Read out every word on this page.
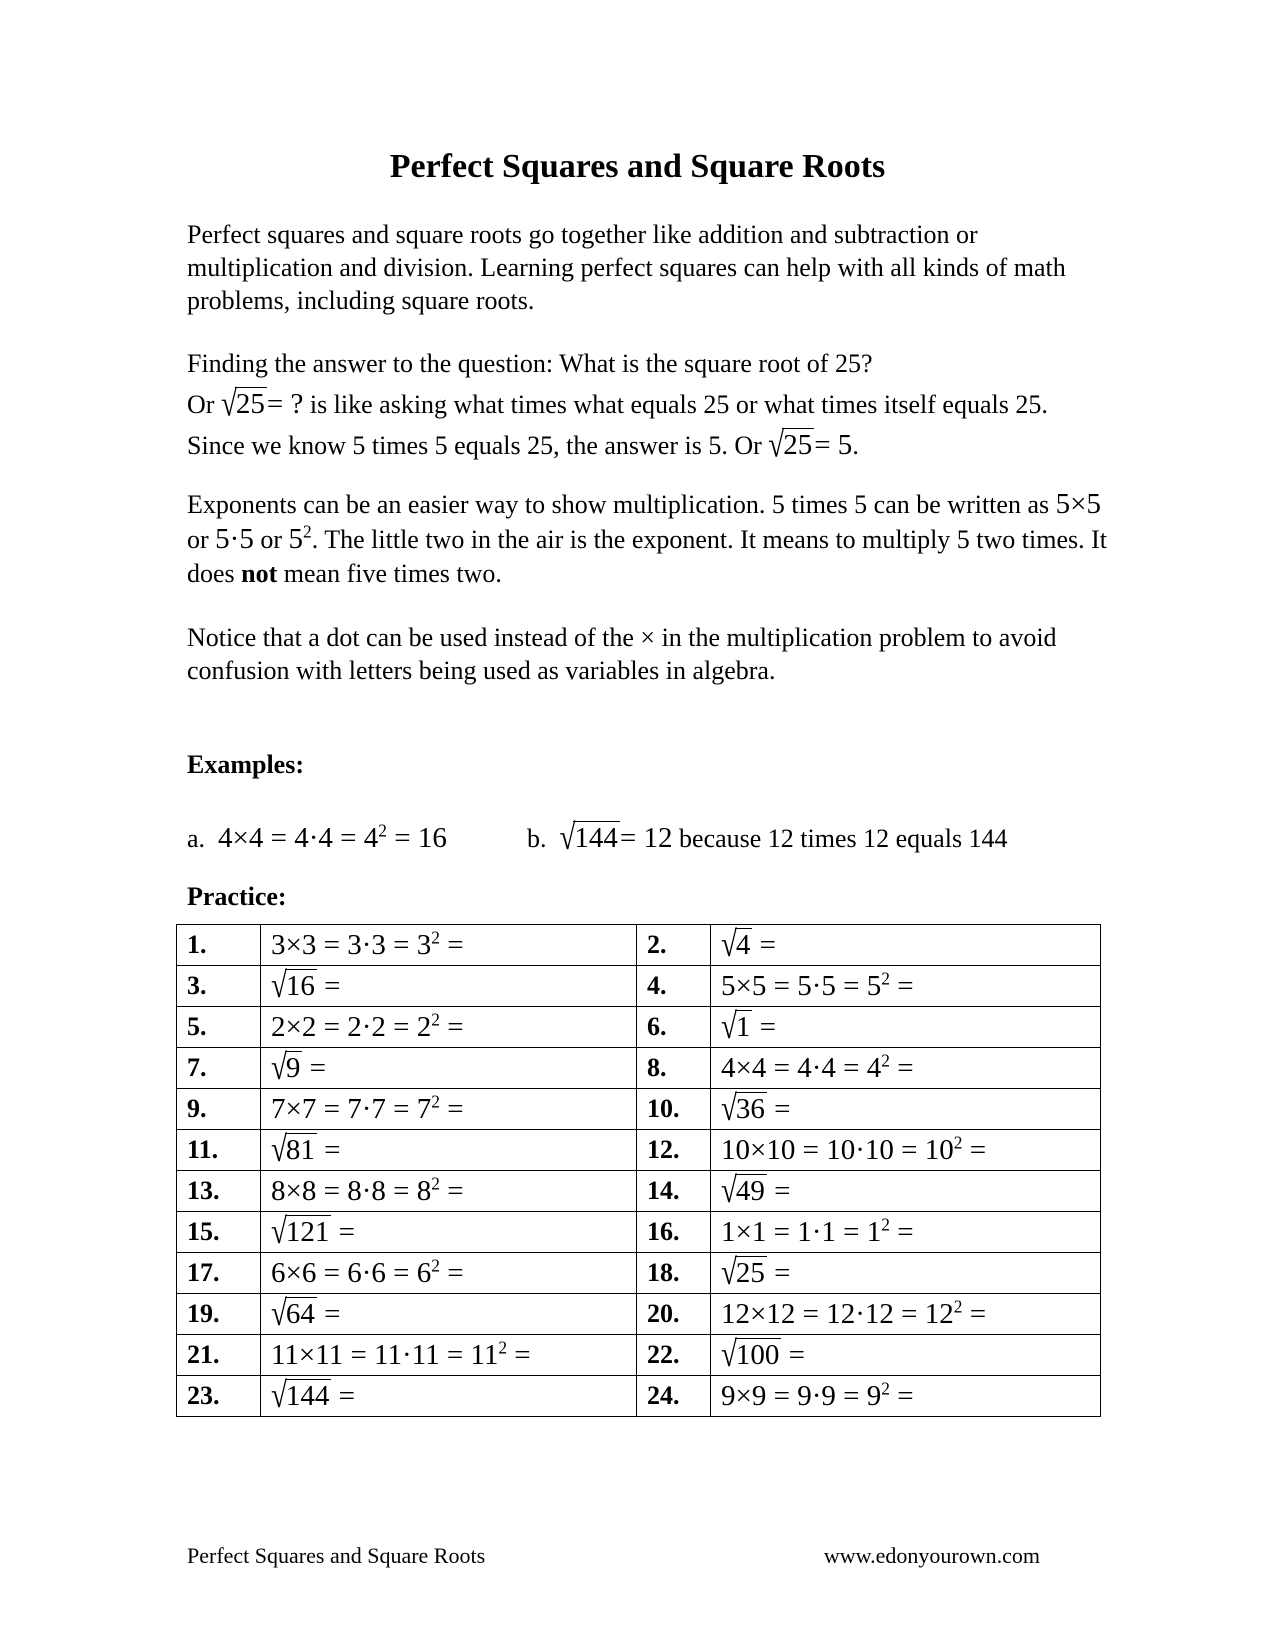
Perfect Squares and Square Roots
Perfect squares and square roots go together like addition and subtraction or multiplication and division. Learning perfect squares can help with all kinds of math problems, including square roots.
Finding the answer to the question: What is the square root of 25?
Or √25= ? is like asking what times what equals 25 or what times itself equals 25. Since we know 5 times 5 equals 25, the answer is 5. Or √25= 5.
Exponents can be an easier way to show multiplication. 5 times 5 can be written as 5×5 or 5·5 or $5^2$. The little two in the air is the exponent. It means to multiply 5 two times. It does not mean five times two.
Notice that a dot can be used instead of the × in the multiplication problem to avoid confusion with letters being used as variables in algebra.
Examples:
a. $4\times 4 = 4\cdot 4 = 4^2 = 16$	b. √144= 12 because 12 times 12 equals 144
Practice:
1.	$3\times 3 = 3\cdot 3 = 3^2$ =	2.	√4 =
3.	√16 =	4.	$5\times 5 = 5\cdot 5 = 5^2$ =
5.	$2\times 2 = 2\cdot 2 = 2^2$ =	6.	√1 =
7.	√9 =	8.	$4\times 4 = 4\cdot 4 = 4^2$ =
9.	$7\times 7 = 7\cdot 7 = 7^2$ =	10.	√36 =
11.	√81 =	12.	$10\times 10 = 10\cdot 10 = 10^2$ =
13.	$8\times 8 = 8\cdot 8 = 8^2$ =	14.	√49 =
15.	√121 =	16.	$1\times 1 = 1\cdot 1 = 1^2$ =
17.	$6\times 6 = 6\cdot 6 = 6^2$ =	18.	√25 =
19.	√64 =	20.	$12\times 12 = 12\cdot 12 = 12^2$ =
21.	$11\times 11 = 11\cdot 11 = 11^2$ =	22.	√100 =
23.	√144 =	24.	$9\times 9 = 9\cdot 9 = 9^2$ =
Perfect Squares and Square Roots	www.edonyourown.com
